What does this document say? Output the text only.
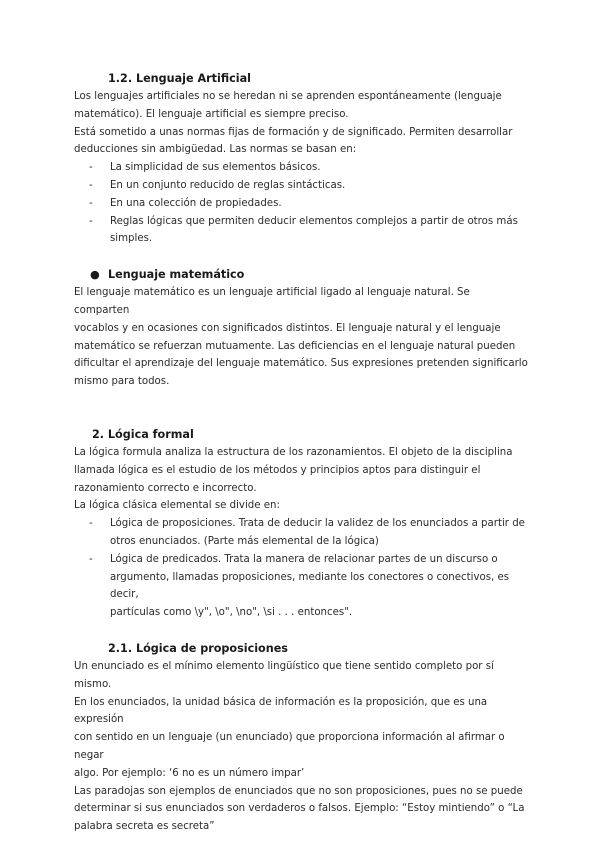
1.2. Lenguaje Artificial

Los lenguajes artificiales no se heredan ni se aprenden espontáneamente (lenguaje

matemático). El lenguaje artificial es siempre preciso.

Está sometido a unas normas fijas de formación y de significado. Permiten desarrollar

deducciones sin ambigüedad. Las normas se basan en:

- La simplicidad de sus elementos básicos.
- En un conjunto reducido de reglas sintácticas.
- En una colección de propiedades.
- Reglas lógicas que permiten deducir elementos complejos a partir de otros más
simples.
● Lenguaje matemático

El lenguaje matemático es un lenguaje artificial ligado al lenguaje natural. Se comparten

vocablos y en ocasiones con significados distintos. El lenguaje natural y el lenguaje

matemático se refuerzan mutuamente. Las deficiencias en el lenguaje natural pueden

dificultar el aprendizaje del lenguaje matemático. Sus expresiones pretenden significarlo

mismo para todos.

2. Lógica formal

La lógica formula analiza la estructura de los razonamientos. El objeto de la disciplina

llamada lógica es el estudio de los métodos y principios aptos para distinguir el

razonamiento correcto e incorrecto.

La lógica clásica elemental se divide en:

- Lógica de proposiciones. Trata de deducir la validez de los enunciados a partir de
otros enunciados. (Parte más elemental de la lógica)
- Lógica de predicados. Trata la manera de relacionar partes de un discurso o
argumento, llamadas proposiciones, mediante los conectores o conectivos, es decir,
partículas como \y", \o", \no", \si . . . entonces".
2.1. Lógica de proposiciones

Un enunciado es el mínimo elemento lingüístico que tiene sentido completo por sí mismo.

En los enunciados, la unidad básica de información es la proposición, que es una expresión

con sentido en un lenguaje (un enunciado) que proporciona información al afirmar o negar

algo. Por ejemplo: ‘6 no es un número impar’

Las paradojas son ejemplos de enunciados que no son proposiciones, pues no se puede

determinar si sus enunciados son verdaderos o falsos. Ejemplo: “Estoy mintiendo” o “La

palabra secreta es secreta”
